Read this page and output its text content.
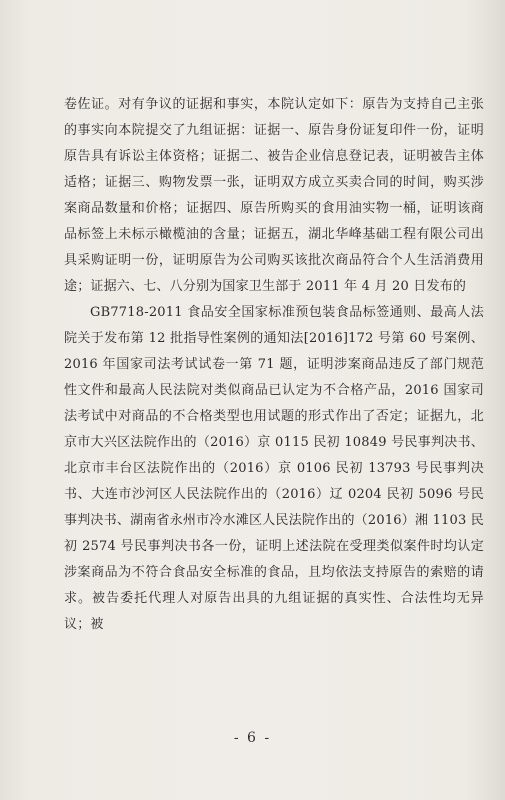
卷佐证。对有争议的证据和事实，本院认定如下：原告为支持自己主张的事实向本院提交了九组证据：证据一、原告身份证复印件一份，证明原告具有诉讼主体资格；证据二、被告企业信息登记表，证明被告主体适格；证据三、购物发票一张，证明双方成立买卖合同的时间，购买涉案商品数量和价格；证据四、原告所购买的食用油实物一桶，证明该商品标签上未标示橄榄油的含量；证据五，湖北华峰基础工程有限公司出具采购证明一份，证明原告为公司购买该批次商品符合个人生活消费用途；证据六、七、八分别为国家卫生部于 2011 年 4 月 20 日发布的

GB7718-2011 食品安全国家标准预包装食品标签通则、最高人法院关于发布第 12 批指导性案例的通知法[2016]172 号第 60 号案例、2016 年国家司法考试试卷一第 71 题，证明涉案商品违反了部门规范性文件和最高人民法院对类似商品已认定为不合格产品，2016 国家司法考试中对商品的不合格类型也用试题的形式作出了否定；证据九，北京市大兴区法院作出的（2016）京 0115 民初 10849 号民事判决书、北京市丰台区法院作出的（2016）京 0106 民初 13793 号民事判决书、大连市沙河区人民法院作出的（2016）辽 0204 民初 5096 号民事判决书、湖南省永州市冷水滩区人民法院作出的（2016）湘 1103 民初 2574 号民事判决书各一份，证明上述法院在受理类似案件时均认定涉案商品为不符合食品安全标准的食品，且均依法支持原告的索赔的请求。被告委托代理人对原告出具的九组证据的真实性、合法性均无异议；被

- 6 -
